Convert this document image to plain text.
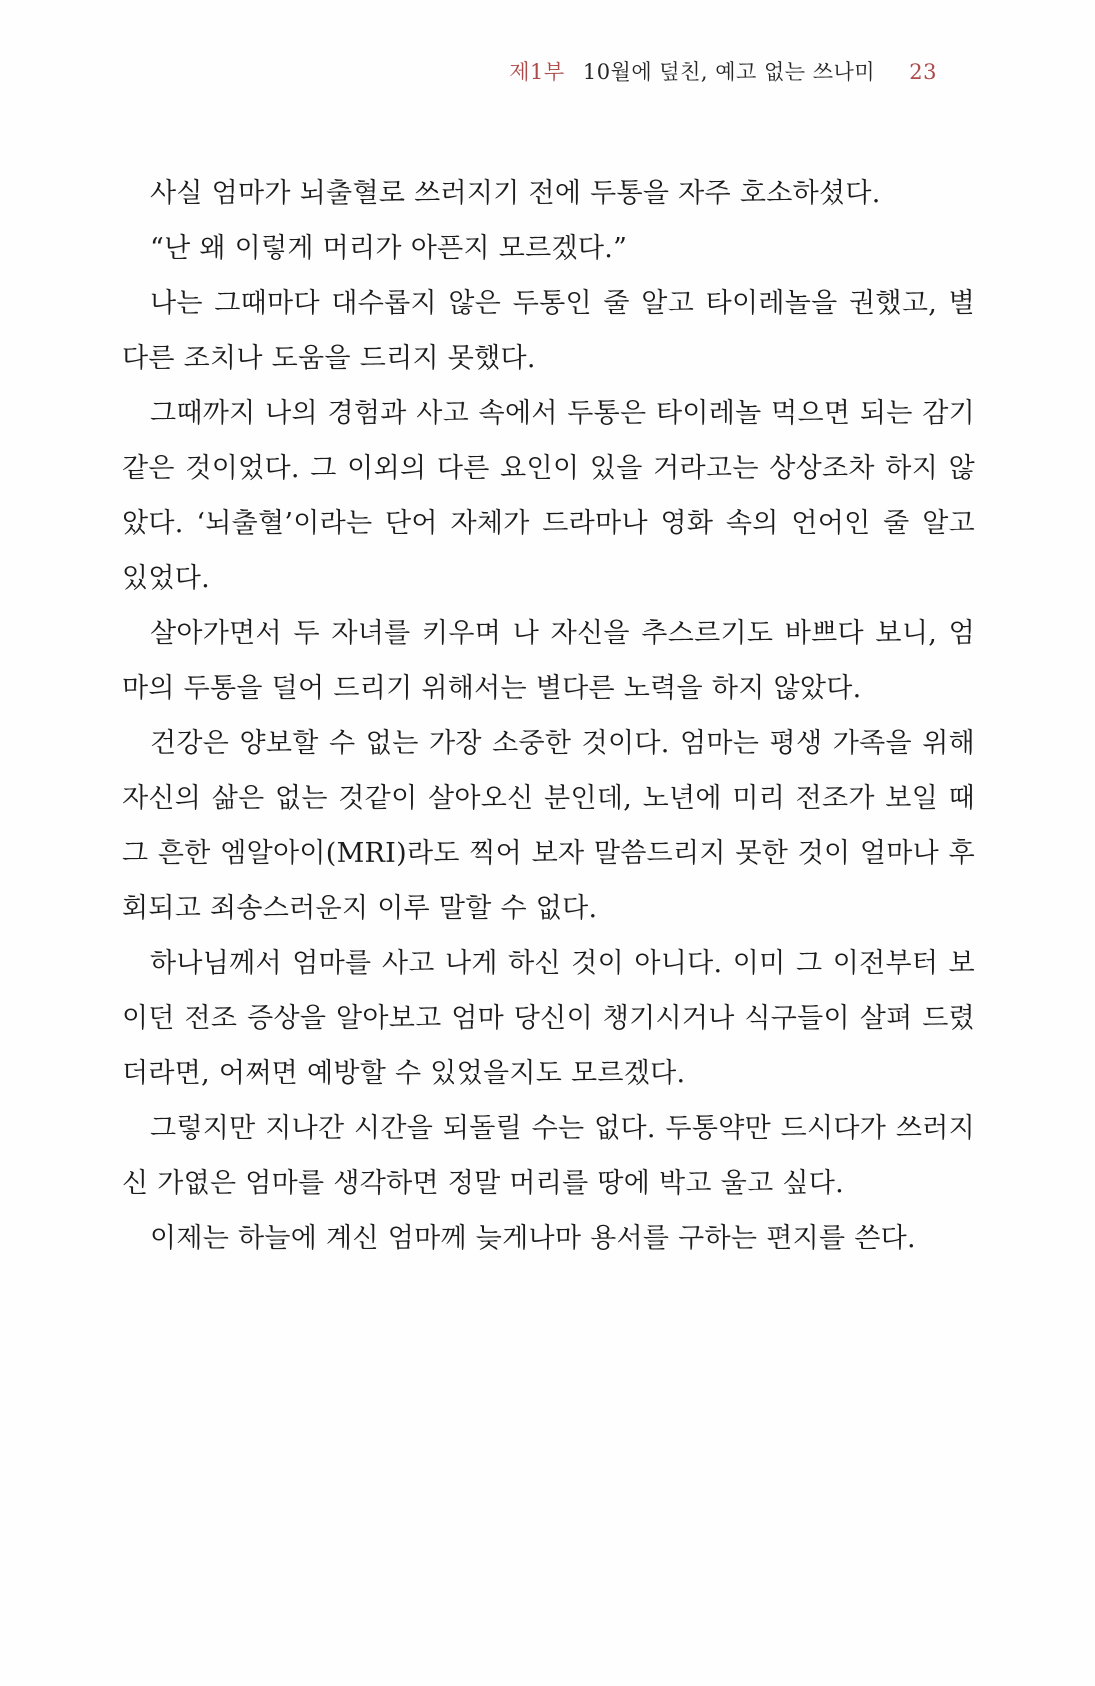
제1부 10월에 덮친, 예고 없는 쓰나미 23

사실 엄마가 뇌출혈로 쓰러지기 전에 두통을 자주 호소하셨다.

“난 왜 이렇게 머리가 아픈지 모르겠다.”

나는 그때마다 대수롭지 않은 두통인 줄 알고 타이레놀을 권했고, 별다른 조치나 도움을 드리지 못했다.

그때까지 나의 경험과 사고 속에서 두통은 타이레놀 먹으면 되는 감기 같은 것이었다. 그 이외의 다른 요인이 있을 거라고는 상상조차 하지 않았다. ‘뇌출혈’이라는 단어 자체가 드라마나 영화 속의 언어인 줄 알고 있었다.

살아가면서 두 자녀를 키우며 나 자신을 추스르기도 바쁘다 보니, 엄마의 두통을 덜어 드리기 위해서는 별다른 노력을 하지 않았다.

건강은 양보할 수 없는 가장 소중한 것이다. 엄마는 평생 가족을 위해 자신의 삶은 없는 것같이 살아오신 분인데, 노년에 미리 전조가 보일 때 그 흔한 엠알아이(MRI)라도 찍어 보자 말씀드리지 못한 것이 얼마나 후회되고 죄송스러운지 이루 말할 수 없다.

하나님께서 엄마를 사고 나게 하신 것이 아니다. 이미 그 이전부터 보이던 전조 증상을 알아보고 엄마 당신이 챙기시거나 식구들이 살펴 드렸더라면, 어쩌면 예방할 수 있었을지도 모르겠다.

그렇지만 지나간 시간을 되돌릴 수는 없다. 두통약만 드시다가 쓰러지신 가엾은 엄마를 생각하면 정말 머리를 땅에 박고 울고 싶다.

이제는 하늘에 계신 엄마께 늦게나마 용서를 구하는 편지를 쓴다.
